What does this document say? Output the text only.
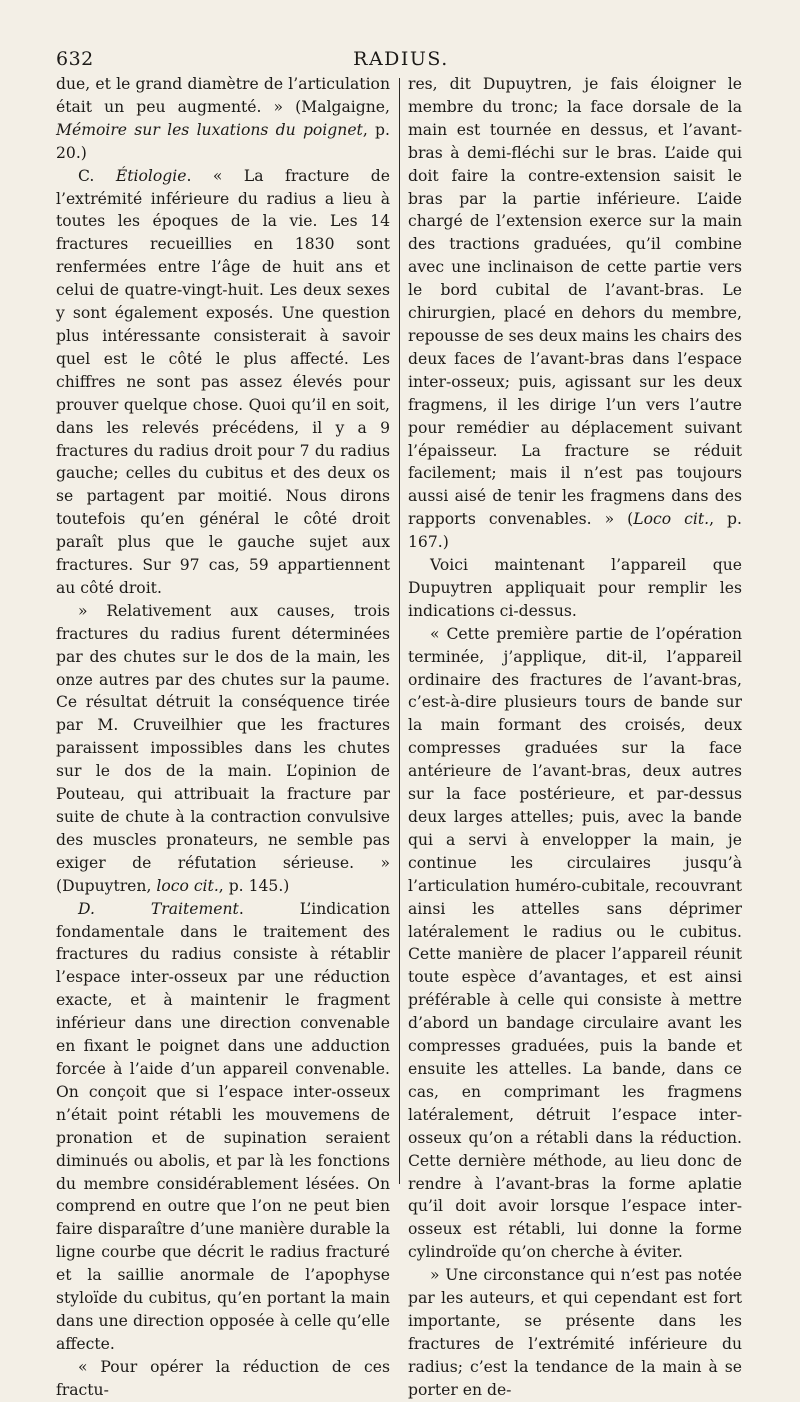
632	RADIUS.

due, et le grand diamètre de l’articulation était un peu augmenté. » (Malgaigne, Mémoire sur les luxations du poignet, p. 20.)

C. Étiologie. « La fracture de l’extrémité inférieure du radius a lieu à toutes les époques de la vie. Les 14 fractures recueillies en 1830 sont renfermées entre l’âge de huit ans et celui de quatre-vingt-huit. Les deux sexes y sont également exposés. Une question plus intéressante consisterait à savoir quel est le côté le plus affecté. Les chiffres ne sont pas assez élevés pour prouver quelque chose. Quoi qu’il en soit, dans les relevés précédens, il y a 9 fractures du radius droit pour 7 du radius gauche; celles du cubitus et des deux os se partagent par moitié. Nous dirons toutefois qu’en général le côté droit paraît plus que le gauche sujet aux fractures. Sur 97 cas, 59 appartiennent au côté droit.

» Relativement aux causes, trois fractures du radius furent déterminées par des chutes sur le dos de la main, les onze autres par des chutes sur la paume. Ce résultat détruit la conséquence tirée par M. Cruveilhier que les fractures paraissent impossibles dans les chutes sur le dos de la main. L’opinion de Pouteau, qui attribuait la fracture par suite de chute à la contraction convulsive des muscles pronateurs, ne semble pas exiger de réfutation sérieuse. » (Dupuytren, loco cit., p. 145.)

D. Traitement. L’indication fondamentale dans le traitement des fractures du radius consiste à rétablir l’espace inter-osseux par une réduction exacte, et à maintenir le fragment inférieur dans une direction convenable en fixant le poignet dans une adduction forcée à l’aide d’un appareil convenable. On conçoit que si l’espace inter-osseux n’était point rétabli les mouvemens de pronation et de supination seraient diminués ou abolis, et par là les fonctions du membre considérablement lésées. On comprend en outre que l’on ne peut bien faire disparaître d’une manière durable la ligne courbe que décrit le radius fracturé et la saillie anormale de l’apophyse styloïde du cubitus, qu’en portant la main dans une direction opposée à celle qu’elle affecte.

« Pour opérer la réduction de ces fractu-

res, dit Dupuytren, je fais éloigner le membre du tronc; la face dorsale de la main est tournée en dessus, et l’avant-bras à demi-fléchi sur le bras. L’aide qui doit faire la contre-extension saisit le bras par la partie inférieure. L’aide chargé de l’extension exerce sur la main des tractions graduées, qu’il combine avec une inclinaison de cette partie vers le bord cubital de l’avant-bras. Le chirurgien, placé en dehors du membre, repousse de ses deux mains les chairs des deux faces de l’avant-bras dans l’espace inter-osseux; puis, agissant sur les deux fragmens, il les dirige l’un vers l’autre pour remédier au déplacement suivant l’épaisseur. La fracture se réduit facilement; mais il n’est pas toujours aussi aisé de tenir les fragmens dans des rapports convenables. » (Loco cit., p. 167.)

Voici maintenant l’appareil que Dupuytren appliquait pour remplir les indications ci-dessus.

« Cette première partie de l’opération terminée, j’applique, dit-il, l’appareil ordinaire des fractures de l’avant-bras, c’est-à-dire plusieurs tours de bande sur la main formant des croisés, deux compresses graduées sur la face antérieure de l’avant-bras, deux autres sur la face postérieure, et par-dessus deux larges attelles; puis, avec la bande qui a servi à envelopper la main, je continue les circulaires jusqu’à l’articulation huméro-cubitale, recouvrant ainsi les attelles sans déprimer latéralement le radius ou le cubitus. Cette manière de placer l’appareil réunit toute espèce d’avantages, et est ainsi préférable à celle qui consiste à mettre d’abord un bandage circulaire avant les compresses graduées, puis la bande et ensuite les attelles. La bande, dans ce cas, en comprimant les fragmens latéralement, détruit l’espace inter-osseux qu’on a rétabli dans la réduction. Cette dernière méthode, au lieu donc de rendre à l’avant-bras la forme aplatie qu’il doit avoir lorsque l’espace inter-osseux est rétabli, lui donne la forme cylindroïde qu’on cherche à éviter.

» Une circonstance qui n’est pas notée par les auteurs, et qui cependant est fort importante, se présente dans les fractures de l’extrémité inférieure du radius; c’est la tendance de la main à se porter en de-
